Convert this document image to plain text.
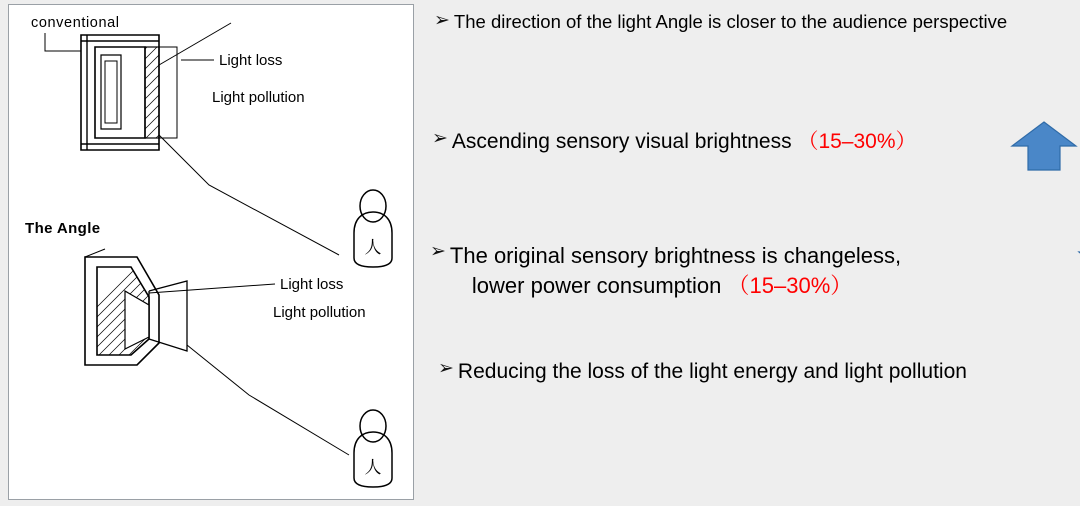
人
人
conventional
Light loss
Light pollution
The Angle
Light loss
Light pollution
➢ The direction of the light Angle is closer to the audience perspective
➢ Ascending sensory visual brightness （15–30%）
➢ The original sensory brightness is changeless,
lower power consumption （15–30%）
➢ Reducing the loss of the light energy and light pollution
